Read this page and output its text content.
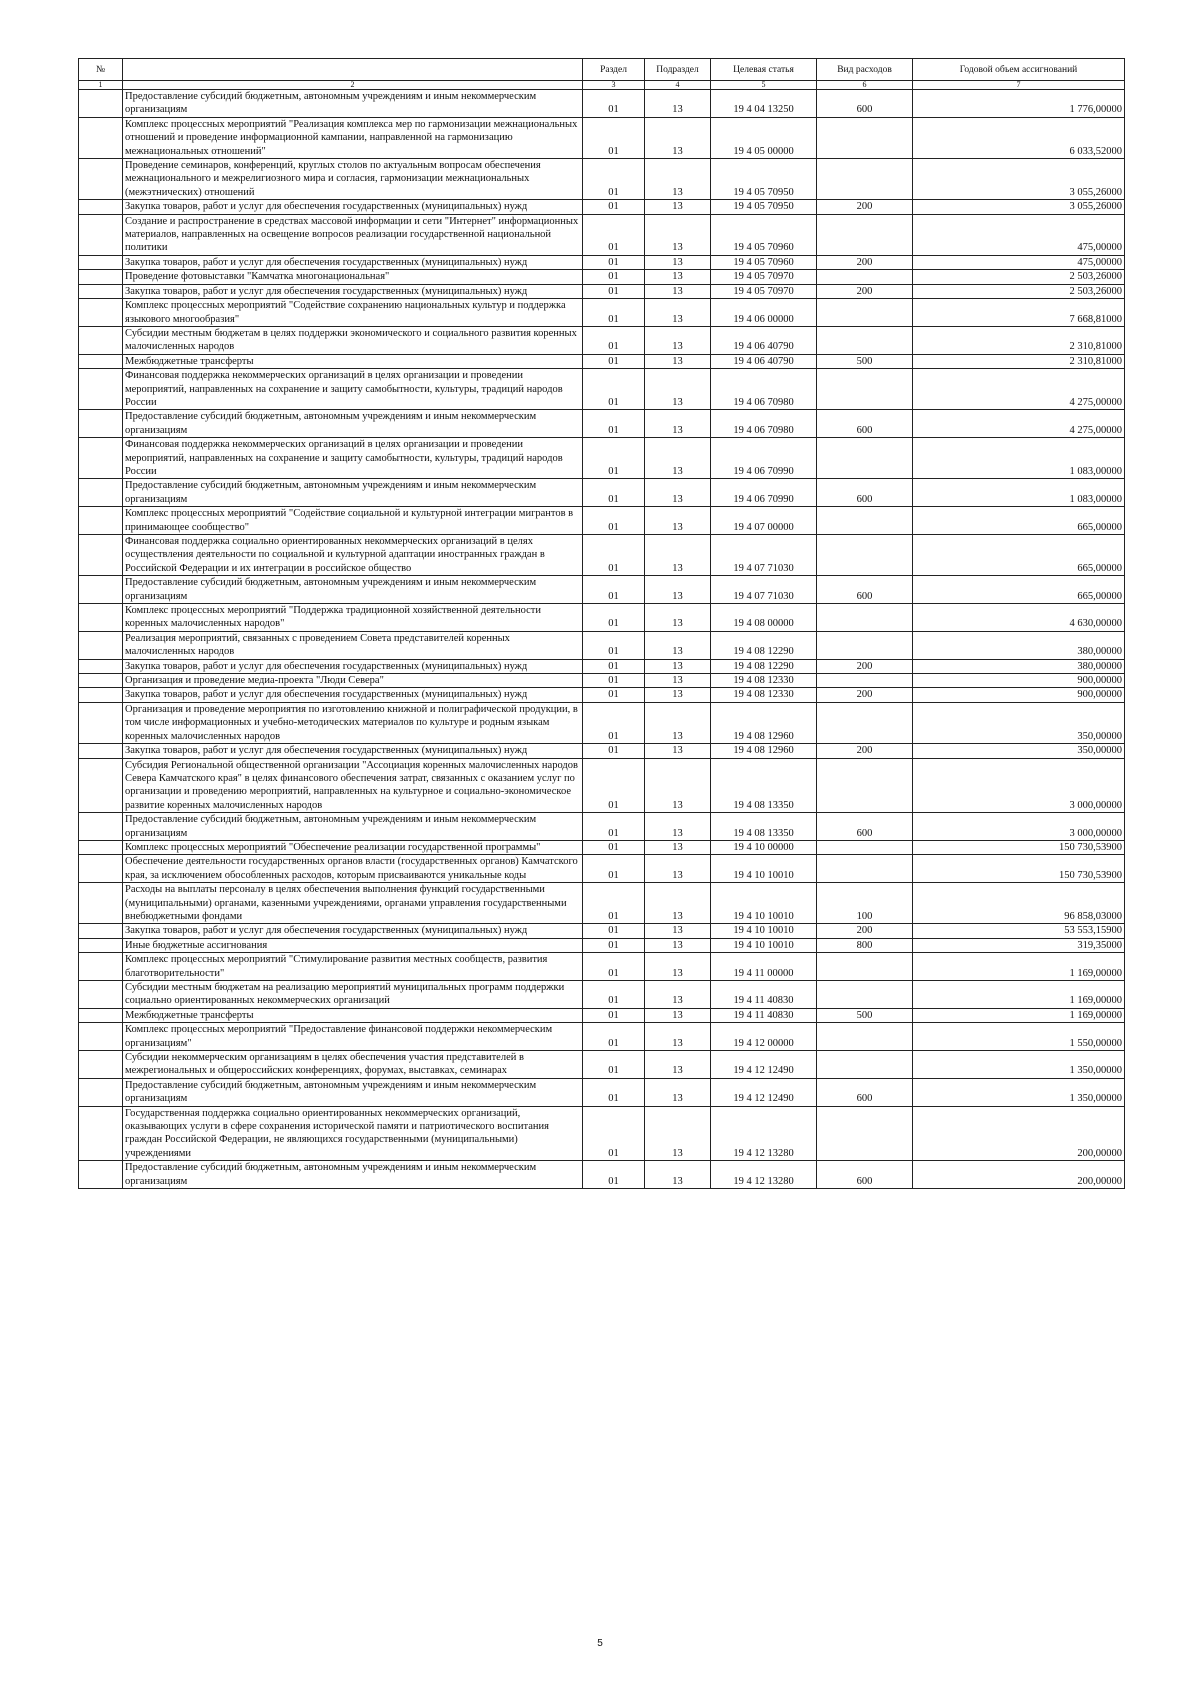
№		Раздел	Подраздел	Целевая статья	Вид расходов	Годовой объем ассигнований
1	2	3	4	5	6	7
	Предоставление субсидий бюджетным, автономным учреждениям и иным некоммерческим организациям	01	13	19 4 04 13250	600	1 776,00000
	Комплекс процессных мероприятий "Реализация комплекса мер по гармонизации межнациональных отношений и проведение информационной кампании, направленной на гармонизацию межнациональных отношений"	01	13	19 4 05 00000		6 033,52000
	Проведение семинаров, конференций, круглых столов по актуальным вопросам обеспечения межнационального и межрелигиозного мира и согласия, гармонизации межнациональных (межэтнических) отношений	01	13	19 4 05 70950		3 055,26000
	Закупка товаров, работ и услуг для обеспечения государственных (муниципальных) нужд	01	13	19 4 05 70950	200	3 055,26000
	Создание и распространение в средствах массовой информации и сети "Интернет" информационных материалов, направленных на освещение вопросов реализации государственной национальной политики	01	13	19 4 05 70960		475,00000
	Закупка товаров, работ и услуг для обеспечения государственных (муниципальных) нужд	01	13	19 4 05 70960	200	475,00000
	Проведение фотовыставки "Камчатка многонациональная"	01	13	19 4 05 70970		2 503,26000
	Закупка товаров, работ и услуг для обеспечения государственных (муниципальных) нужд	01	13	19 4 05 70970	200	2 503,26000
	Комплекс процессных мероприятий "Содействие сохранению национальных культур и поддержка языкового многообразия"	01	13	19 4 06 00000		7 668,81000
	Субсидии местным бюджетам в целях поддержки экономического и социального развития коренных малочисленных народов	01	13	19 4 06 40790		2 310,81000
	Межбюджетные трансферты	01	13	19 4 06 40790	500	2 310,81000
	Финансовая поддержка некоммерческих организаций в целях организации и проведении мероприятий, направленных на сохранение и защиту самобытности, культуры, традиций народов России	01	13	19 4 06 70980		4 275,00000
	Предоставление субсидий бюджетным, автономным учреждениям и иным некоммерческим организациям	01	13	19 4 06 70980	600	4 275,00000
	Финансовая поддержка некоммерческих организаций в целях организации и проведении мероприятий, направленных на сохранение и защиту самобытности, культуры, традиций народов России	01	13	19 4 06 70990		1 083,00000
	Предоставление субсидий бюджетным, автономным учреждениям и иным некоммерческим организациям	01	13	19 4 06 70990	600	1 083,00000
	Комплекс процессных мероприятий "Содействие социальной и культурной интеграции мигрантов в принимающее сообщество"	01	13	19 4 07 00000		665,00000
	Финансовая поддержка социально ориентированных некоммерческих организаций в целях осуществления деятельности по социальной и культурной адаптации иностранных граждан в Российской Федерации и их интеграции в российское общество	01	13	19 4 07 71030		665,00000
	Предоставление субсидий бюджетным, автономным учреждениям и иным некоммерческим организациям	01	13	19 4 07 71030	600	665,00000
	Комплекс процессных мероприятий "Поддержка традиционной хозяйственной деятельности коренных малочисленных народов"	01	13	19 4 08 00000		4 630,00000
	Реализация мероприятий, связанных с проведением Совета представителей коренных малочисленных народов	01	13	19 4 08 12290		380,00000
	Закупка товаров, работ и услуг для обеспечения государственных (муниципальных) нужд	01	13	19 4 08 12290	200	380,00000
	Организация и проведение медиа-проекта "Люди Севера"	01	13	19 4 08 12330		900,00000
	Закупка товаров, работ и услуг для обеспечения государственных (муниципальных) нужд	01	13	19 4 08 12330	200	900,00000
	Организация и проведение мероприятия по изготовлению книжной и полиграфической продукции, в том числе информационных и учебно-методических материалов по культуре и родным языкам коренных малочисленных народов	01	13	19 4 08 12960		350,00000
	Закупка товаров, работ и услуг для обеспечения государственных (муниципальных) нужд	01	13	19 4 08 12960	200	350,00000
	Субсидия Региональной общественной организации "Ассоциация коренных малочисленных народов Севера Камчатского края" в целях финансового обеспечения затрат, связанных с оказанием услуг по организации и проведению мероприятий, направленных на культурное и социально-экономическое развитие коренных малочисленных народов	01	13	19 4 08 13350		3 000,00000
	Предоставление субсидий бюджетным, автономным учреждениям и иным некоммерческим организациям	01	13	19 4 08 13350	600	3 000,00000
	Комплекс процессных мероприятий "Обеспечение реализации государственной программы"	01	13	19 4 10 00000		150 730,53900
	Обеспечение деятельности государственных органов власти (государственных органов) Камчатского края, за исключением обособленных расходов, которым присваиваются уникальные коды	01	13	19 4 10 10010		150 730,53900
	Расходы на выплаты персоналу в целях обеспечения выполнения функций государственными (муниципальными) органами, казенными учреждениями, органами управления государственными внебюджетными фондами	01	13	19 4 10 10010	100	96 858,03000
	Закупка товаров, работ и услуг для обеспечения государственных (муниципальных) нужд	01	13	19 4 10 10010	200	53 553,15900
	Иные бюджетные ассигнования	01	13	19 4 10 10010	800	319,35000
	Комплекс процессных мероприятий "Стимулирование развития местных сообществ, развития благотворительности"	01	13	19 4 11 00000		1 169,00000
	Субсидии местным бюджетам на реализацию мероприятий муниципальных программ поддержки социально ориентированных некоммерческих организаций	01	13	19 4 11 40830		1 169,00000
	Межбюджетные трансферты	01	13	19 4 11 40830	500	1 169,00000
	Комплекс процессных мероприятий "Предоставление финансовой поддержки некоммерческим организациям"	01	13	19 4 12 00000		1 550,00000
	Субсидии некоммерческим организациям в целях обеспечения участия представителей в межрегиональных и общероссийских конференциях, форумах, выставках, семинарах	01	13	19 4 12 12490		1 350,00000
	Предоставление субсидий бюджетным, автономным учреждениям и иным некоммерческим организациям	01	13	19 4 12 12490	600	1 350,00000
	Государственная поддержка социально ориентированных некоммерческих организаций, оказывающих услуги в сфере сохранения исторической памяти и патриотического воспитания граждан Российской Федерации, не являющихся государственными (муниципальными) учреждениями	01	13	19 4 12 13280		200,00000
	Предоставление субсидий бюджетным, автономным учреждениям и иным некоммерческим организациям	01	13	19 4 12 13280	600	200,00000
5
